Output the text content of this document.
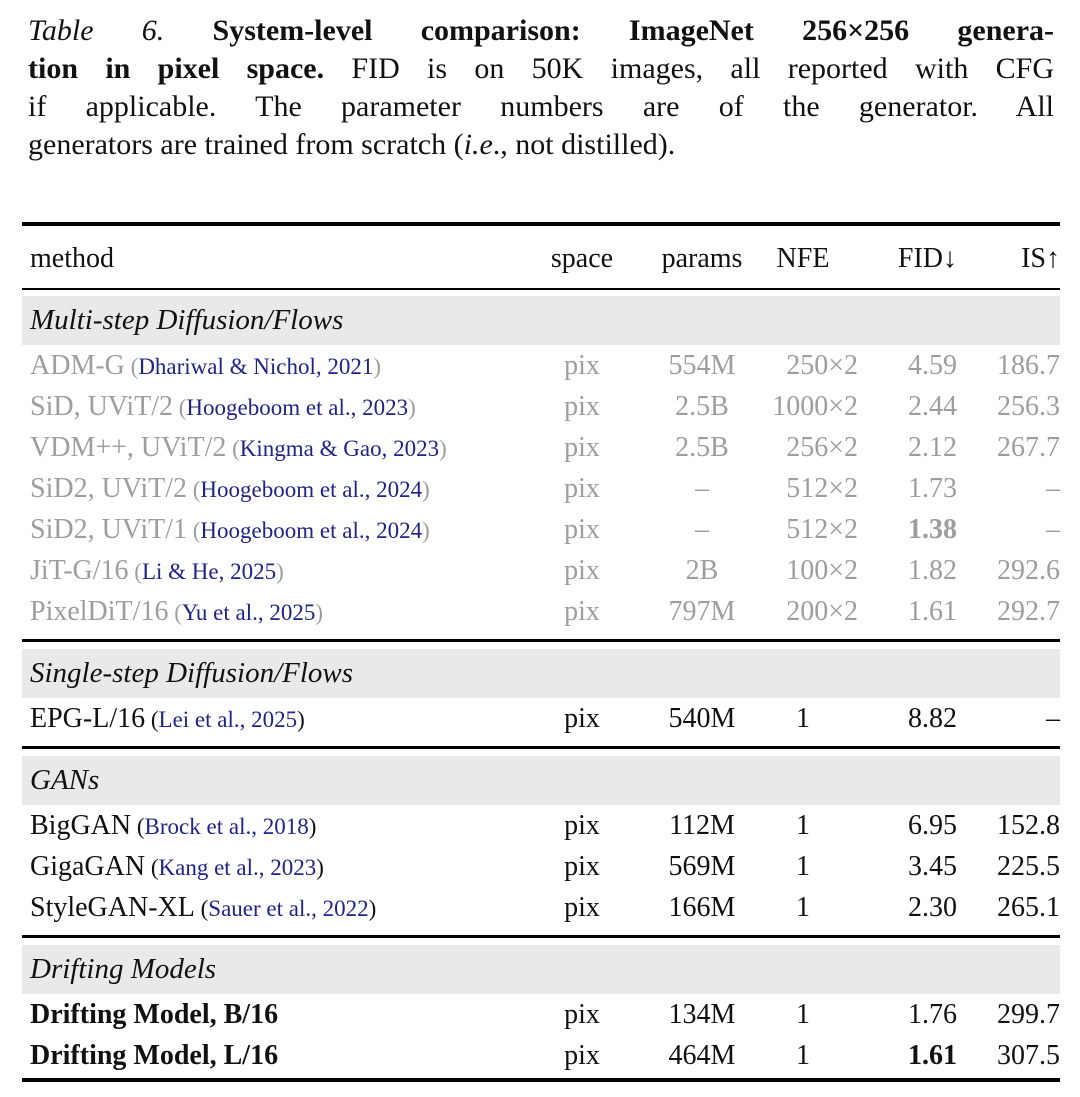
Table 6. System-level comparison: ImageNet 256×256 genera-
tion in pixel space. FID is on 50K images, all reported with CFG
if applicable. The parameter numbers are of the generator. All
generators are trained from scratch (i.e., not distilled).
method	space	params	NFE	FID↓	IS↑
Multi-step Diffusion/Flows
ADM-G (Dhariwal & Nichol, 2021)	pix	554M	250×2	4.59	186.7
SiD, UViT/2 (Hoogeboom et al., 2023)	pix	2.5B	1000×2	2.44	256.3
VDM++, UViT/2 (Kingma & Gao, 2023)	pix	2.5B	256×2	2.12	267.7
SiD2, UViT/2 (Hoogeboom et al., 2024)	pix	–	512×2	1.73	–
SiD2, UViT/1 (Hoogeboom et al., 2024)	pix	–	512×2	1.38	–
JiT-G/16 (Li & He, 2025)	pix	2B	100×2	1.82	292.6
PixelDiT/16 (Yu et al., 2025)	pix	797M	200×2	1.61	292.7
Single-step Diffusion/Flows
EPG-L/16 (Lei et al., 2025)	pix	540M	1	8.82	–
GANs
BigGAN (Brock et al., 2018)	pix	112M	1	6.95	152.8
GigaGAN (Kang et al., 2023)	pix	569M	1	3.45	225.5
StyleGAN-XL (Sauer et al., 2022)	pix	166M	1	2.30	265.1
Drifting Models
Drifting Model, B/16	pix	134M	1	1.76	299.7
Drifting Model, L/16	pix	464M	1	1.61	307.5
